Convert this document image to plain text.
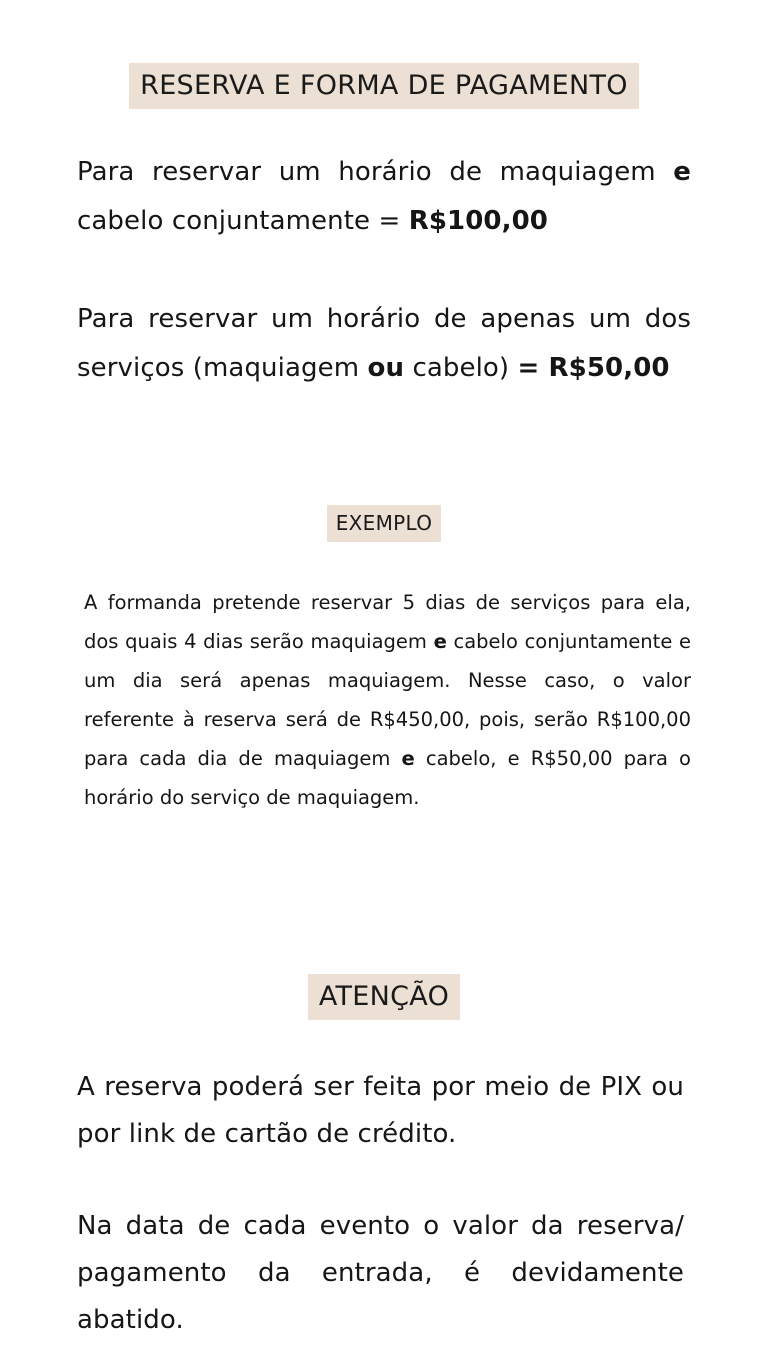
RESERVA E FORMA DE PAGAMENTO

Para reservar um horário de maquiagem e cabelo conjuntamente = R$100,00

Para reservar um horário de apenas um dos serviços (maquiagem ou cabelo) = R$50,00

EXEMPLO

A formanda pretende reservar 5 dias de serviços para ela, dos quais 4 dias serão maquiagem e cabelo conjuntamente e um dia será apenas maquiagem. Nesse caso, o valor referente à reserva será de R$450,00, pois, serão R$100,00 para cada dia de maquiagem e cabelo, e R$50,00 para o horário do serviço de maquiagem.

ATENÇÃO

A reserva poderá ser feita por meio de PIX ou por link de cartão de crédito.

Na data de cada evento o valor da reserva/ pagamento da entrada, é devidamente abatido.
